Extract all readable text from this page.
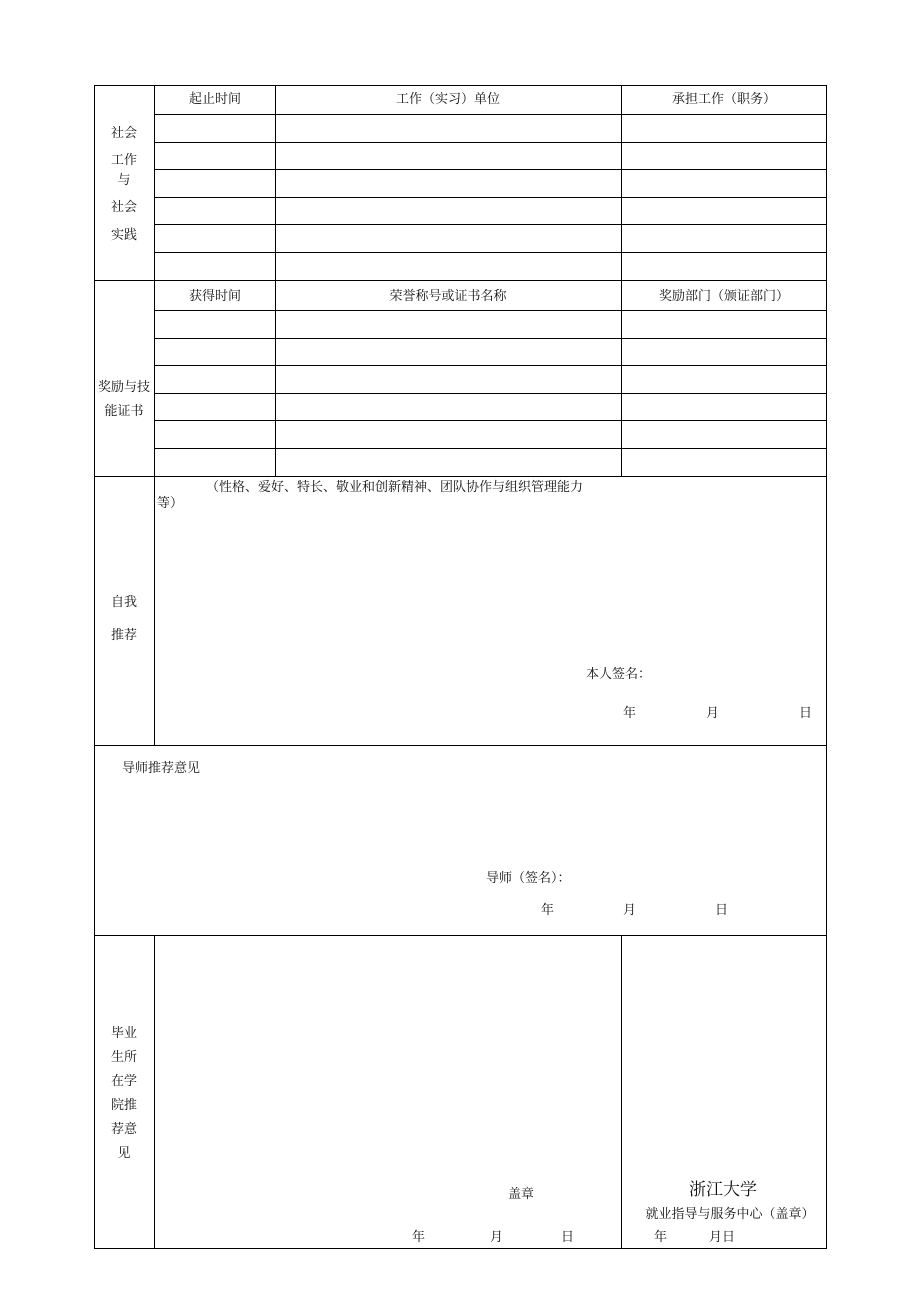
社会
工作
与
社会
实践
起止时间	工作（实习）单位	承担工作（职务）
奖励与技
能证书
获得时间	荣誉称号或证书名称	奖励部门（颁证部门）
自我
推荐
（性格、爱好、特长、敬业和创新精神、团队协作与组织管理能力
等）
本人签名：
年	月	日
导师推荐意见
导师（签名）：
年	月	日
毕业
生所
在学
院推
荐意
见
盖章
年	月	日
浙江大学
就业指导与服务中心（盖章）
年	月日
